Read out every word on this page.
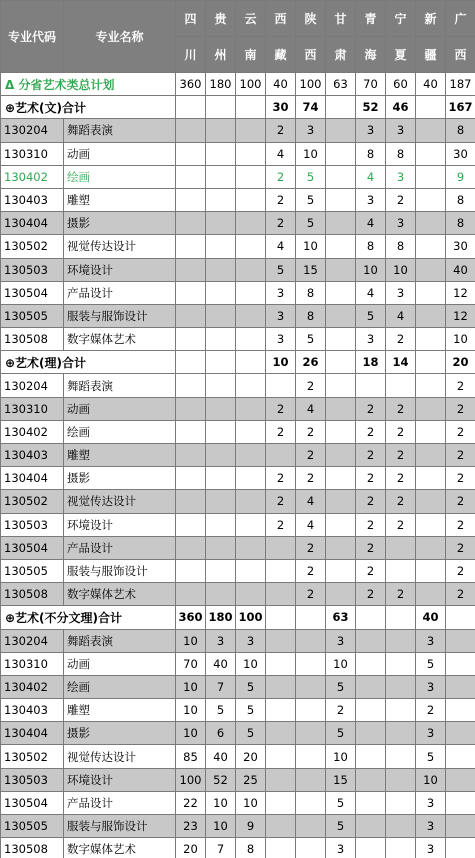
专业代码	专业名称	四	贵	云	西	陕	甘	青	宁	新	广
		川	州	南	藏	西	肃	海	夏	疆	西
Δ 分省艺术类总计划		360	180	100	40	100	63	70	60	40	187
⊕艺术(文)合计					30	74		52	46		167
130204	舞蹈表演				2	3		3	3		8
130310	动画				4	10		8	8		30
130402	绘画				2	5		4	3		9
130403	雕塑				2	5		3	2		8
130404	摄影				2	5		4	3		8
130502	视觉传达设计				4	10		8	8		30
130503	环境设计				5	15		10	10		40
130504	产品设计				3	8		4	3		12
130505	服装与服饰设计				3	8		5	4		12
130508	数字媒体艺术				3	5		3	2		10
⊕艺术(理)合计					10	26		18	14		20
130204	舞蹈表演					2					2
130310	动画				2	4		2	2		2
130402	绘画				2	2		2	2		2
130403	雕塑					2		2	2		2
130404	摄影				2	2		2	2		2
130502	视觉传达设计				2	4		2	2		2
130503	环境设计				2	4		2	2		2
130504	产品设计					2		2			2
130505	服装与服饰设计					2		2			2
130508	数字媒体艺术					2		2	2		2
⊕艺术(不分文理)合计		360	180	100			63			40	
130204	舞蹈表演	10	3	3			3			3	
130310	动画	70	40	10			10			5	
130402	绘画	10	7	5			5			3	
130403	雕塑	10	5	5			2			2	
130404	摄影	10	6	5			5			3	
130502	视觉传达设计	85	40	20			10			5	
130503	环境设计	100	52	25			15			10	
130504	产品设计	22	10	10			5			3	
130505	服装与服饰设计	23	10	9			5			3	
130508	数字媒体艺术	20	7	8			3			3	
